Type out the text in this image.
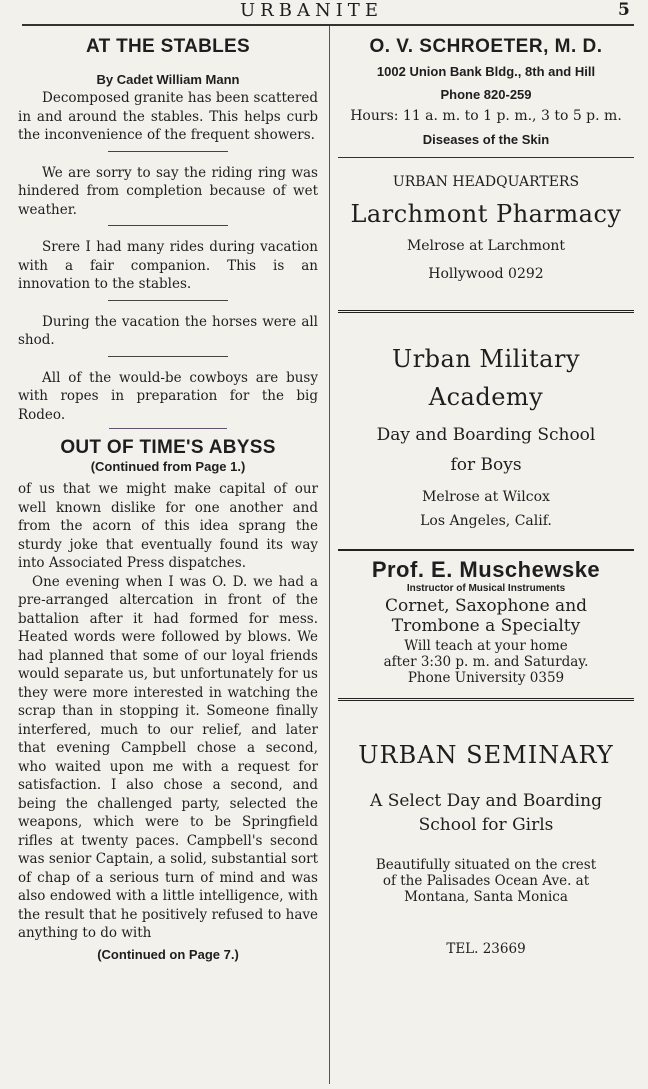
URBANITE	5
AT THE STABLES
By Cadet William Mann

Decomposed granite has been scattered in and around the stables. This helps curb the inconvenience of the frequent showers.

We are sorry to say the riding ring was hindered from completion because of wet weather.

Srere I had many rides during vacation with a fair companion. This is an innovation to the stables.

During the vacation the horses were all shod.

All of the would-be cowboys are busy with ropes in preparation for the big Rodeo.

OUT OF TIME'S ABYSS
(Continued from Page 1.)

of us that we might make capital of our well known dislike for one another and from the acorn of this idea sprang the sturdy joke that eventually found its way into Associated Press dispatches.

One evening when I was O. D. we had a pre-arranged altercation in front of the battalion after it had formed for mess. Heated words were followed by blows. We had planned that some of our loyal friends would separate us, but unfortunately for us they were more interested in watching the scrap than in stopping it. Someone finally interfered, much to our relief, and later that evening Campbell chose a second, who waited upon me with a request for satisfaction. I also chose a second, and being the challenged party, selected the weapons, which were to be Springfield rifles at twenty paces. Campbell's second was senior Captain, a solid, substantial sort of chap of a serious turn of mind and was also endowed with a little intelligence, with the result that he positively refused to have anything to do with

(Continued on Page 7.)
O. V. SCHROETER, M. D.
1002 Union Bank Bldg., 8th and Hill
Phone 820-259
Hours: 11 a. m. to 1 p. m., 3 to 5 p. m.
Diseases of the Skin
URBAN HEADQUARTERS
Larchmont Pharmacy
Melrose at Larchmont
Hollywood 0292
Urban Military
Academy
Day and Boarding School
for Boys
Melrose at Wilcox
Los Angeles, Calif.
Prof. E. Muschewske
Instructor of Musical Instruments
Cornet, Saxophone and
Trombone a Specialty
Will teach at your home
after 3:30 p. m. and Saturday.
Phone University 0359
URBAN SEMINARY
A Select Day and Boarding
School for Girls
Beautifully situated on the crest
of the Palisades Ocean Ave. at
Montana, Santa Monica
TEL. 23669
